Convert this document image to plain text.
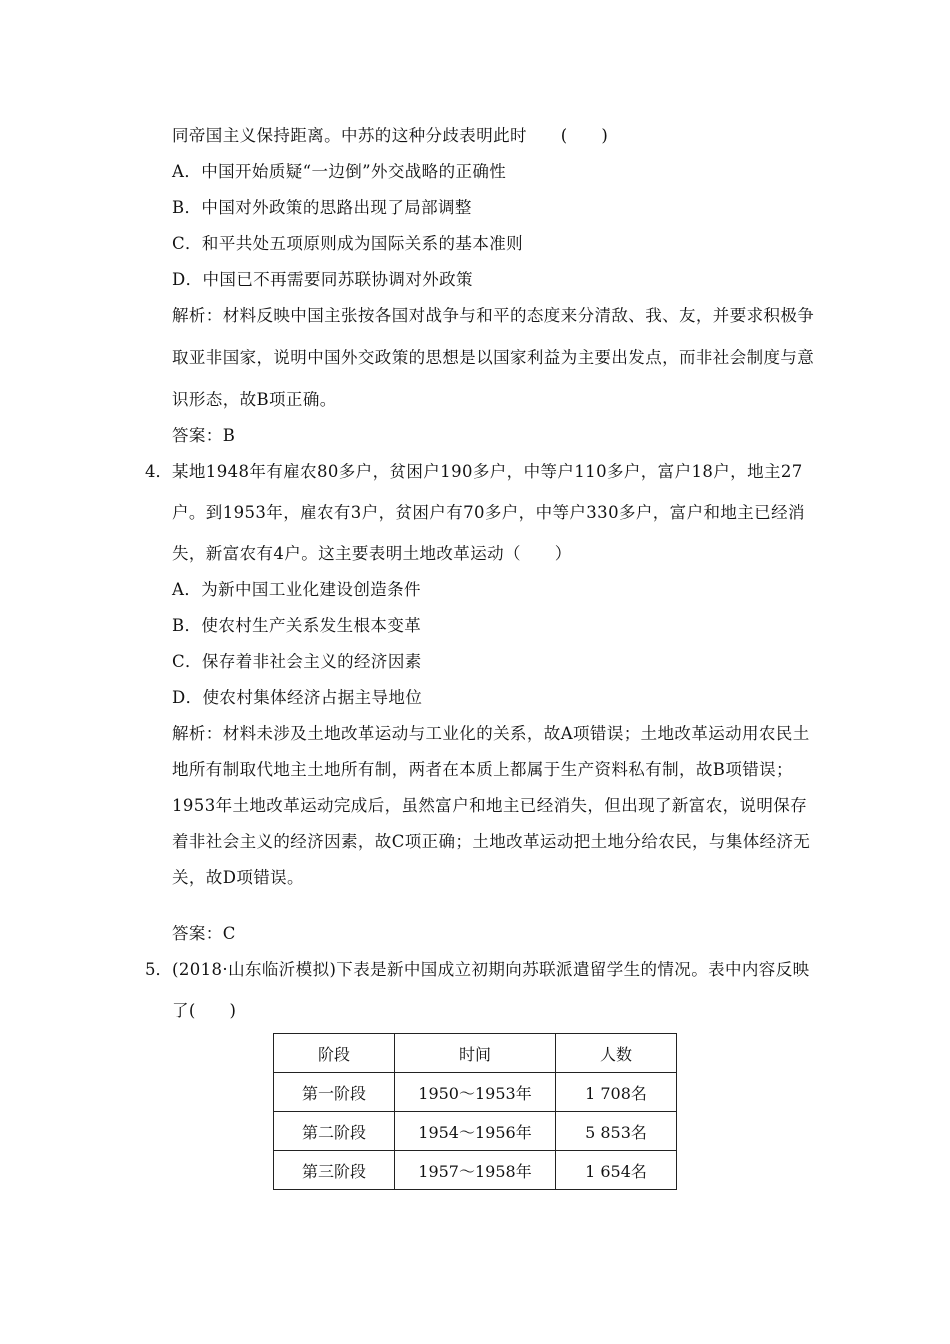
同帝国主义保持距离。中苏的这种分歧表明此时　　(　　)
A．中国开始质疑“一边倒”外交战略的正确性
B．中国对外政策的思路出现了局部调整
C．和平共处五项原则成为国际关系的基本准则
D．中国已不再需要同苏联协调对外政策
解析：材料反映中国主张按各国对战争与和平的态度来分清敌、我、友，并要求积极争
取亚非国家，说明中国外交政策的思想是以国家利益为主要出发点，而非社会制度与意
识形态，故B项正确。
答案：B
4． 某地1948年有雇农80多户，贫困户190多户，中等户110多户，富户18户，地主27
户。到1953年，雇农有3户，贫困户有70多户，中等户330多户，富户和地主已经消
失，新富农有4户。这主要表明土地改革运动（　　）
A．为新中国工业化建设创造条件
B．使农村生产关系发生根本变革
C．保存着非社会主义的经济因素
D．使农村集体经济占据主导地位
解析：材料未涉及土地改革运动与工业化的关系，故A项错误；土地改革运动用农民土
地所有制取代地主土地所有制，两者在本质上都属于生产资料私有制，故B项错误；
1953年土地改革运动完成后，虽然富户和地主已经消失，但出现了新富农，说明保存
着非社会主义的经济因素，故C项正确；土地改革运动把土地分给农民，与集体经济无
关，故D项错误。
答案：C
5． (2018·山东临沂模拟)下表是新中国成立初期向苏联派遣留学生的情况。表中内容反映
了(　　)
阶段	时间	人数
第一阶段	1950～1953年	1 708名
第二阶段	1954～1956年	5 853名
第三阶段	1957～1958年	1 654名
